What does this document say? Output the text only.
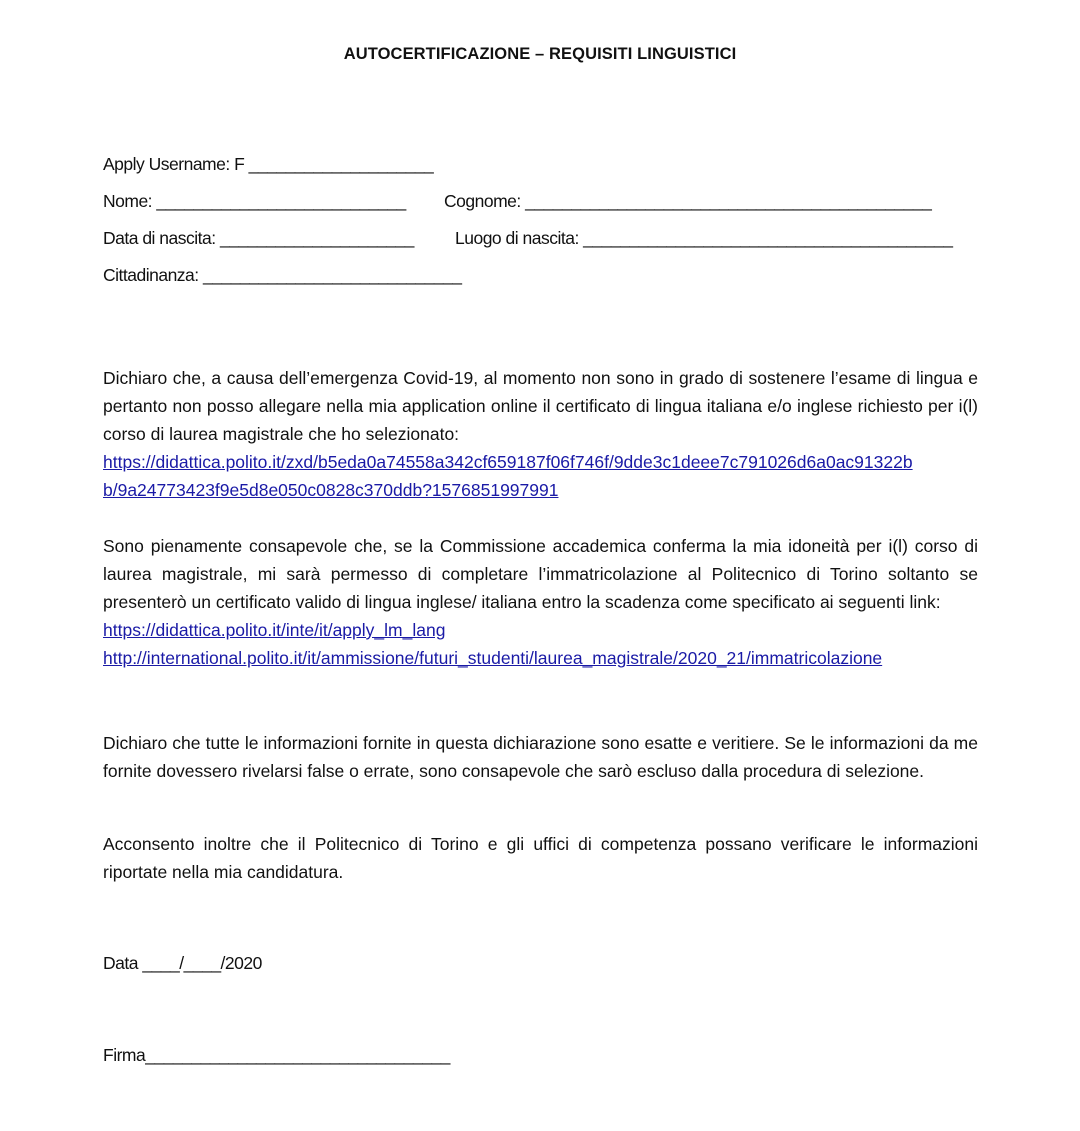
AUTOCERTIFICAZIONE – REQUISITI LINGUISTICI
Apply Username: F ____________________
Nome: ___________________________ Cognome: ____________________________________________
Data di nascita: _____________________ Luogo di nascita: ________________________________________
Cittadinanza: ____________________________
Dichiaro che, a causa dell’emergenza Covid-19, al momento non sono in grado di sostenere l’esame di lingua e pertanto non posso allegare nella mia application online il certificato di lingua italiana e/o inglese richiesto per i(l) corso di laurea magistrale che ho selezionato:
https://didattica.polito.it/zxd/b5eda0a74558a342cf659187f06f746f/9dde3c1deee7c791026d6a0ac91322b
b/9a24773423f9e5d8e050c0828c370ddb?1576851997991
Sono pienamente consapevole che, se la Commissione accademica conferma la mia idoneità per i(l) corso di laurea magistrale, mi sarà permesso di completare l’immatricolazione al Politecnico di Torino soltanto se presenterò un certificato valido di lingua inglese/ italiana entro la scadenza come specificato ai seguenti link:
https://didattica.polito.it/inte/it/apply_lm_lang
http://international.polito.it/it/ammissione/futuri_studenti/laurea_magistrale/2020_21/immatricolazione
Dichiaro che tutte le informazioni fornite in questa dichiarazione sono esatte e veritiere. Se le informazioni da me fornite dovessero rivelarsi false o errate, sono consapevole che sarò escluso dalla procedura di selezione.
Acconsento inoltre che il Politecnico di Torino e gli uffici di competenza possano verificare le informazioni riportate nella mia candidatura.
Data ____/____/2020
Firma_________________________________
